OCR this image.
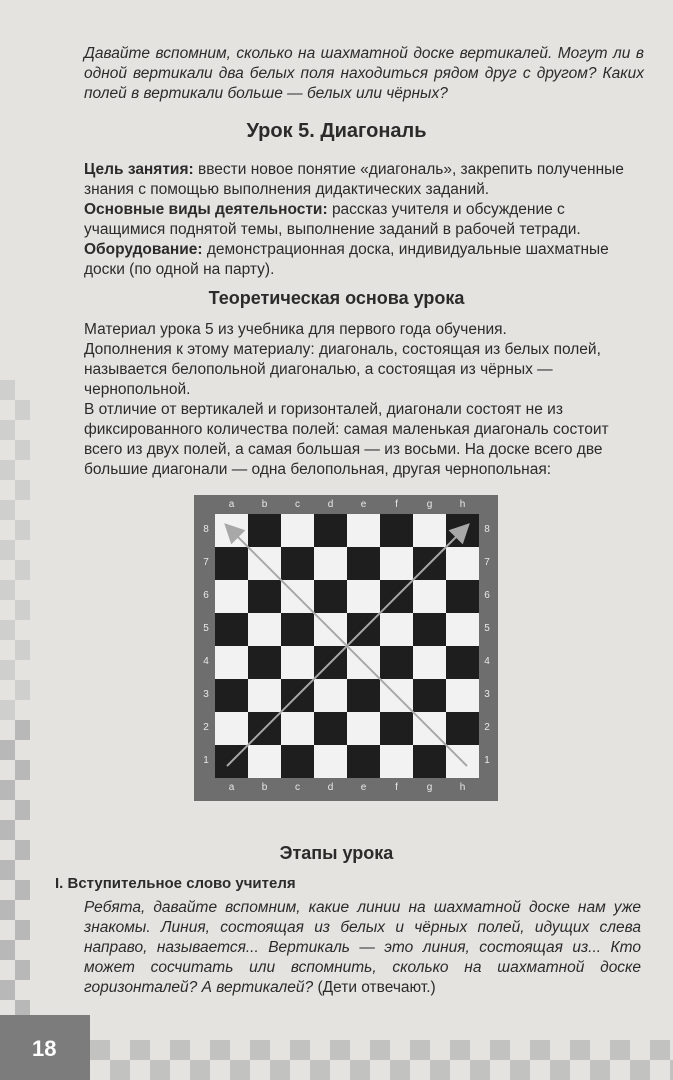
Давайте вспомним, сколько на шахматной доске вертикалей. Могут ли в одной вертикали два белых поля находиться рядом друг с другом? Каких полей в вертикали больше — белых или чёрных?

Урок 5. Диагональ

Цель занятия: ввести новое понятие «диагональ», закрепить полученные знания с помощью выполнения дидактических заданий.

Основные виды деятельности: рассказ учителя и обсуждение с учащимися поднятой темы, выполнение заданий в рабочей тетради.

Оборудование: демонстрационная доска, индивидуальные шахматные доски (по одной на парту).

Теоретическая основа урока

Материал урока 5 из учебника для первого года обучения.

Дополнения к этому материалу: диагональ, состоящая из белых полей, называется белопольной диагональю, а состоящая из чёрных — чернопольной.

В отличие от вертикалей и горизонталей, диагонали состоят не из фиксированного количества полей: самая маленькая диагональ состоит всего из двух полей, а самая большая — из восьми. На доске всего две большие диагонали — одна белопольная, другая чернопольная:

Этапы урока
I. Вступительное слово учителя

Ребята, давайте вспомним, какие линии на шахматной доске нам уже знакомы. Линия, состоящая из белых и чёрных полей, идущих слева направо, называется... Вертикаль — это линия, состоящая из... Кто может сосчитать или вспомнить, сколько на шахматной доске горизонталей? А вертикалей? (Дети отвечают.)

18
a
a
b
b
c
c
d
d
e
e
f
f
g
g
h
h
8	8
7	7
6	6
5	5
4	4
3	3
2	2
1	1
